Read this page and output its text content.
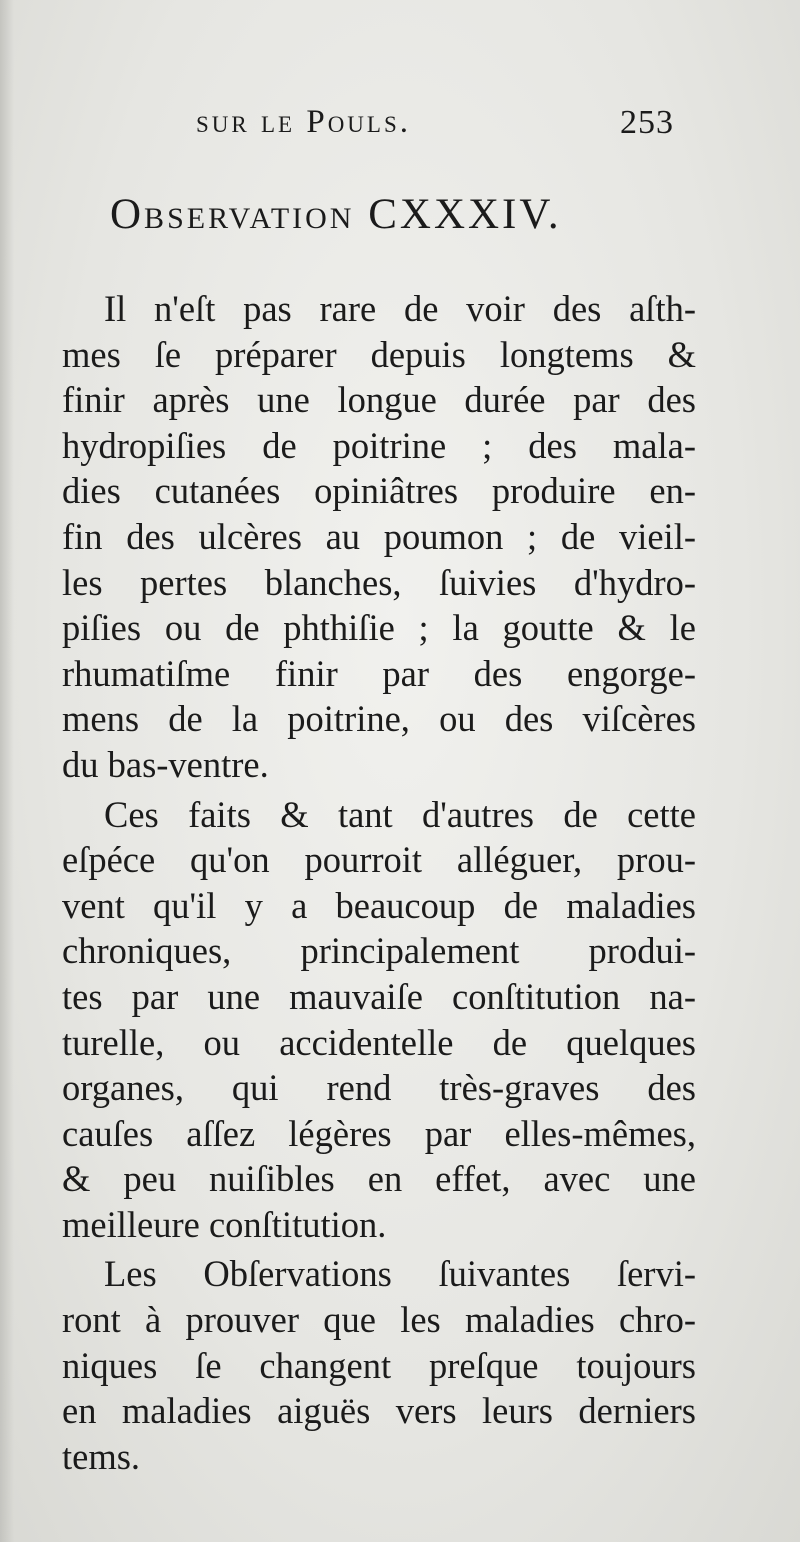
sur le Pouls.	253
Observation CXXXIV.
Il n'eſt pas rare de voir des aſth-
mes ſe préparer depuis longtems &
finir après une longue durée par des
hydropiſies de poitrine ; des mala-
dies cutanées opiniâtres produire en-
fin des ulcères au poumon ; de vieil-
les pertes blanches, ſuivies d'hydro-
piſies ou de phthiſie ; la goutte & le
rhumatiſme finir par des engorge-
mens de la poitrine, ou des viſcères
du bas-ventre.
Ces faits & tant d'autres de cette
eſpéce qu'on pourroit alléguer, prou-
vent qu'il y a beaucoup de maladies
chroniques, principalement produi-
tes par une mauvaiſe conſtitution na-
turelle, ou accidentelle de quelques
organes, qui rend très-graves des
cauſes aſſez légères par elles-mêmes,
& peu nuiſibles en effet, avec une
meilleure conſtitution.
Les Obſervations ſuivantes ſervi-
ront à prouver que les maladies chro-
niques ſe changent preſque toujours
en maladies aiguës vers leurs derniers
tems.
